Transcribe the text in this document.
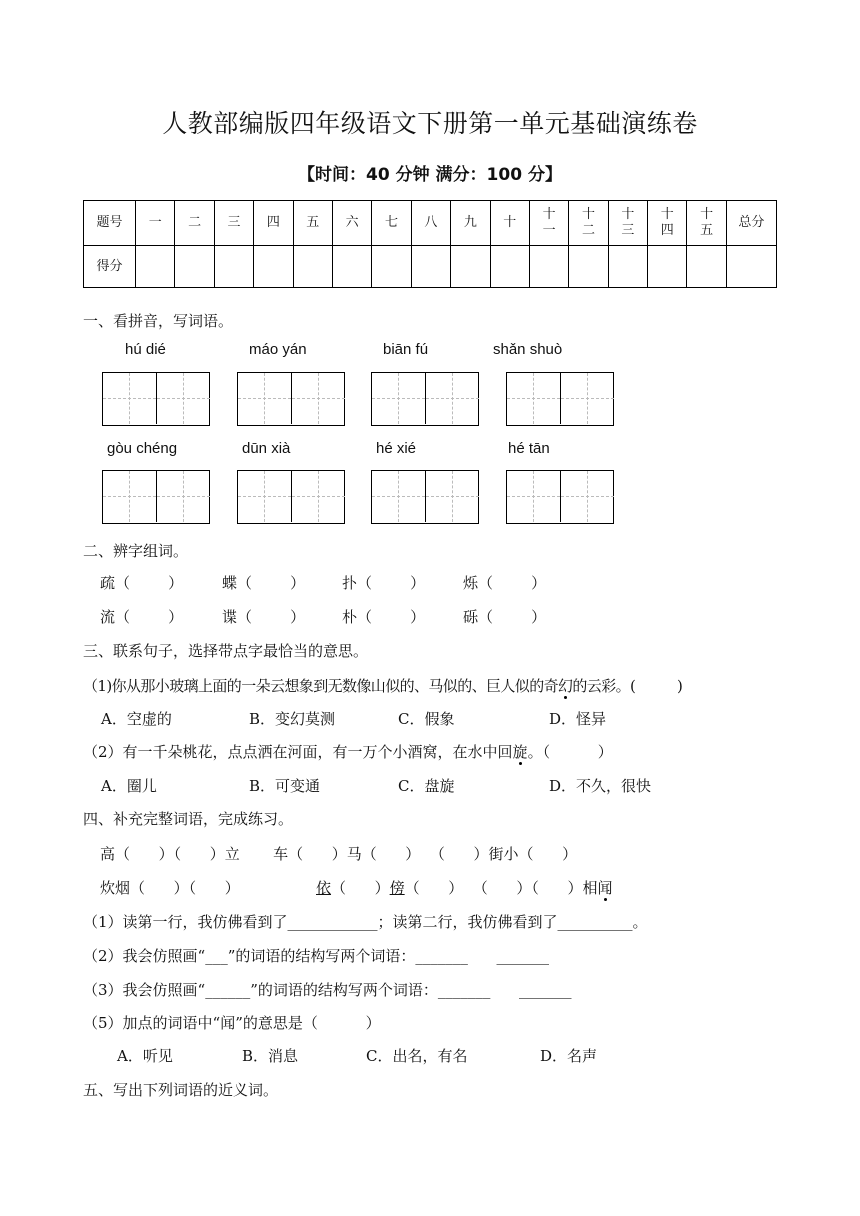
人教部编版四年级语文下册第一单元基础演练卷
【时间：40 分钟 满分：100 分】
题号	一	二	三	四	五	六	七	八	九	十	十一	十二	十三	十四	十五	总分
得分																
一、看拼音，写词语。
hú dié	máo yán	biān fú	shǎn shuò
gòu chéng	dūn xià	hé xié	hé tān
二、辨字组词。
疏（        ）	蝶（        ） 扑（        ）	烁（        ）
流（        ）	谍（        ） 朴（        ）	砾（        ）
三、联系句子，选择带点字最恰当的意思。
（1)你从那小玻璃上面的一朵云想象到无数像山似的、马似的、巨人似的奇幻的云彩。(          )
A．空虚的	B．变幻莫测	C．假象	D．怪异
（2）有一千朵桃花，点点洒在河面，有一万个小酒窝，在水中回旋。（          ）
A．圈儿	B．可变通	C．盘旋	D．不久，很快
四、补充完整词语，完成练习。
高（      ）（      ）立       车（      ）马（      ）  （      ）街小（      ）
炊烟（      ）（      ）	依（      ）傍（      ）  （      ）（      ）相闻
（1）读第一行，我仿佛看到了____________；读第二行，我仿佛看到了__________。
（2）我会仿照画“___”的词语的结构写两个词语：_______      _______
（3）我会仿照画“______”的词语的结构写两个词语：_______      _______
（5）加点的词语中“闻”的意思是（          ）
A．听见	B．消息	C．出名，有名	D．名声
五、写出下列词语的近义词。
